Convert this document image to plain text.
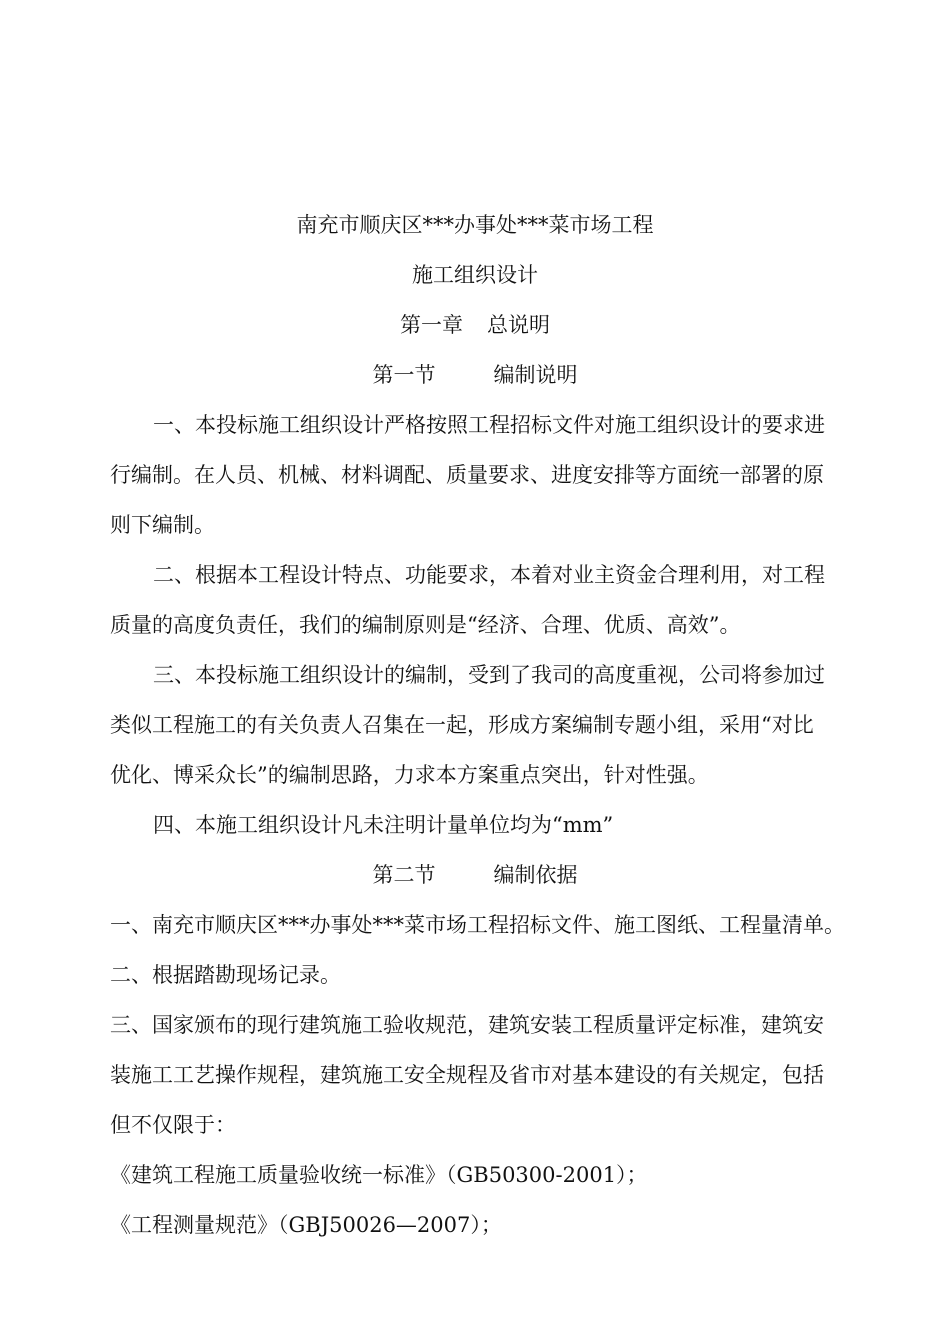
南充市顺庆区***办事处***菜市场工程
施工组织设计
第一章 总说明
第一节	编制说明
一、本投标施工组织设计严格按照工程招标文件对施工组织设计的要求进
行编制。在人员、机械、材料调配、质量要求、进度安排等方面统一部署的原
则下编制。
二、根据本工程设计特点、功能要求，本着对业主资金合理利用，对工程
质量的高度负责任，我们的编制原则是“经济、合理、优质、高效”。
三、本投标施工组织设计的编制，受到了我司的高度重视，公司将参加过
类似工程施工的有关负责人召集在一起，形成方案编制专题小组，采用“对比
优化、博采众长”的编制思路，力求本方案重点突出，针对性强。
四、本施工组织设计凡未注明计量单位均为“mm”
第二节	编制依据
一、南充市顺庆区***办事处***菜市场工程招标文件、施工图纸、工程量清单。
二、根据踏勘现场记录。
三、国家颁布的现行建筑施工验收规范，建筑安装工程质量评定标准，建筑安
装施工工艺操作规程，建筑施工安全规程及省市对基本建设的有关规定，包括
但不仅限于：
《建筑工程施工质量验收统一标准》（GB50300-2001）；
《工程测量规范》（GBJ50026—2007）；
